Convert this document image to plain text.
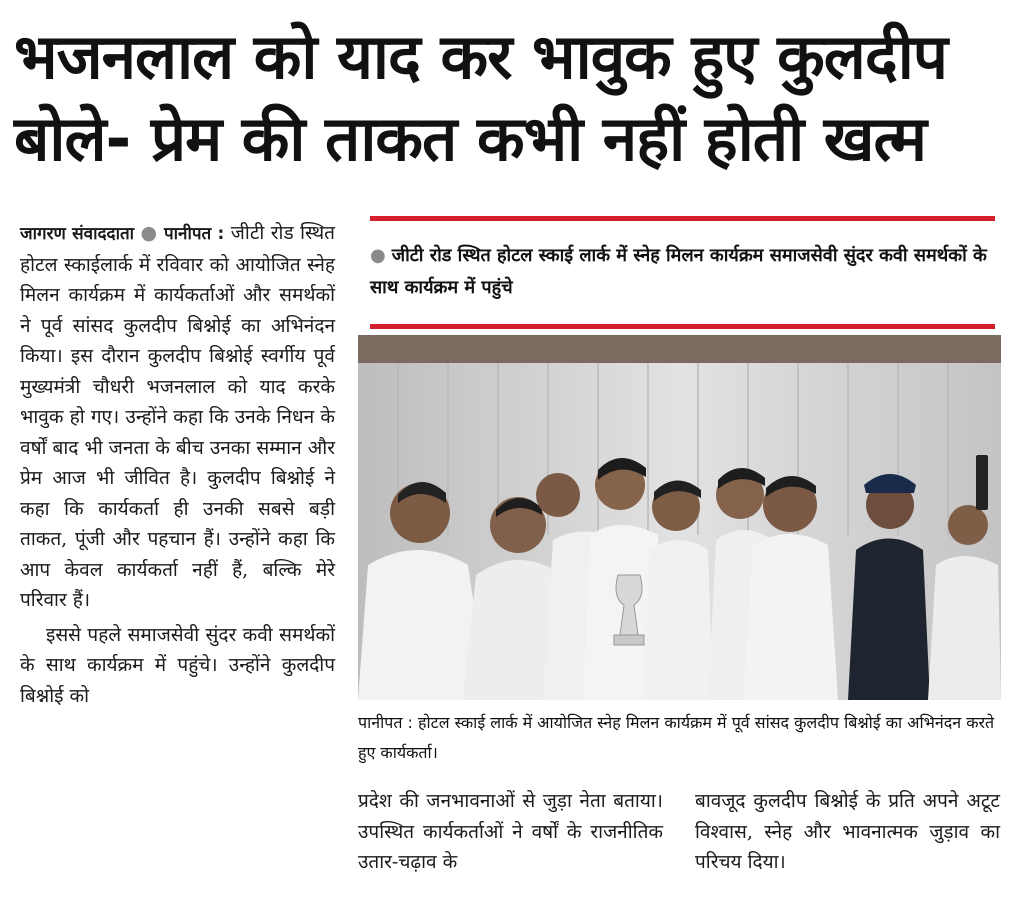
भजनलाल को याद कर भावुक हुए कुलदीप
बोले- प्रेम की ताकत कभी नहीं होती खत्म

जागरण संवाददाता ● पानीपत : जीटी रोड स्थित होटल स्काईलार्क में रविवार को आयोजित स्नेह मिलन कार्यक्रम में कार्यकर्ताओं और समर्थकों ने पूर्व सांसद कुलदीप बिश्नोई का अभिनंदन किया। इस दौरान कुलदीप बिश्नोई स्वर्गीय पूर्व मुख्यमंत्री चौधरी भजनलाल को याद करके भावुक हो गए। उन्होंने कहा कि उनके निधन के वर्षों बाद भी जनता के बीच उनका सम्मान और प्रेम आज भी जीवित है। कुलदीप बिश्नोई ने कहा कि कार्यकर्ता ही उनकी सबसे बड़ी ताकत, पूंजी और पहचान हैं। उन्होंने कहा कि आप केवल कार्यकर्ता नहीं हैं, बल्कि मेरे परिवार हैं।

इससे पहले समाजसेवी सुंदर कवी समर्थकों के साथ कार्यक्रम में पहुंचे। उन्होंने कुलदीप बिश्नोई को

● जीटी रोड स्थित होटल स्काई लार्क में स्नेह मिलन कार्यक्रम समाजसेवी सुंदर कवी समर्थकों के साथ कार्यक्रम में पहुंचे
पानीपत : होटल स्काई लार्क में आयोजित स्नेह मिलन कार्यक्रम में पूर्व सांसद कुलदीप बिश्नोई का अभिनंदन करते हुए कार्यकर्ता।

प्रदेश की जनभावनाओं से जुड़ा नेता बताया। उपस्थित कार्यकर्ताओं ने वर्षों के राजनीतिक उतार-चढ़ाव के

बावजूद कुलदीप बिश्नोई के प्रति अपने अटूट विश्वास, स्नेह और भावनात्मक जुड़ाव का परिचय दिया।
